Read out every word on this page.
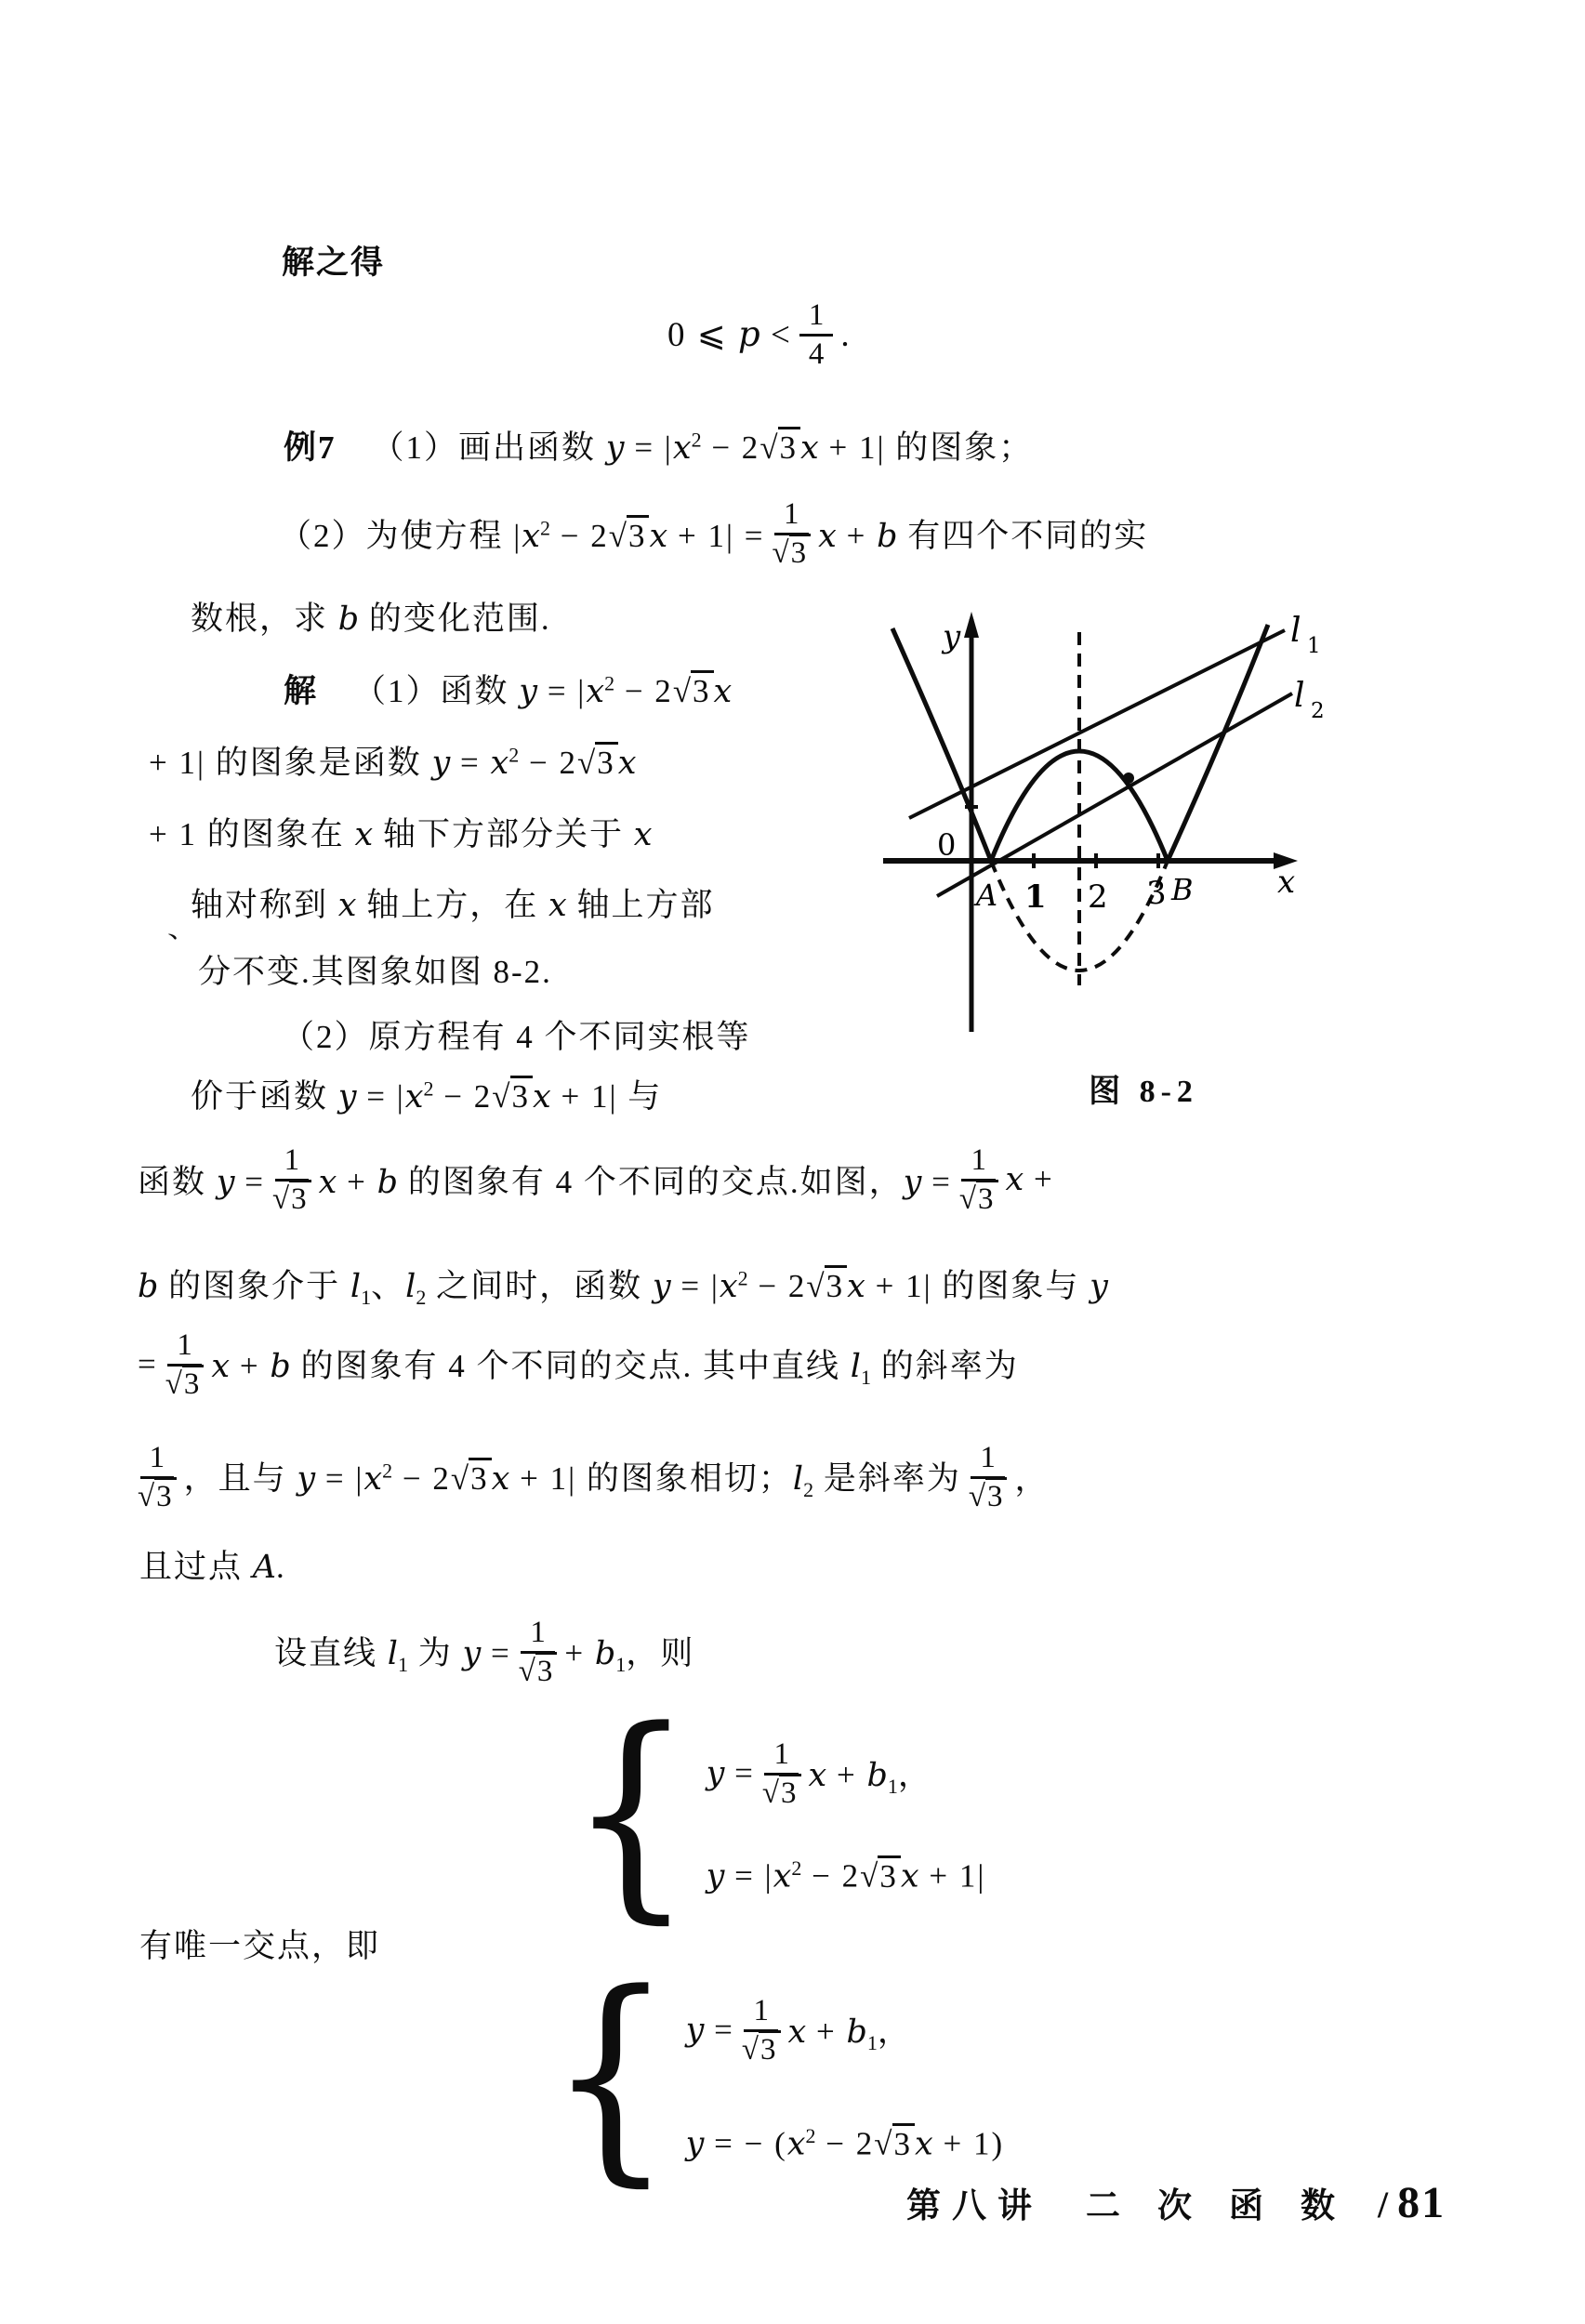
解之得
0 ⩽ $p < \frac{1}{4}$ .
例7 （1）画出函数 $y = |x^2 - 2√3$ x + 1| 的图象；
（2）为使方程 $|x^2 - 2√3$ $x + 1| = \frac{1}{√3}$ x + b 有四个不同的实
数根，求 b 的变化范围.
解 （1）函数 $y = |x^2 - 2√3$ x
+ 1| 的图象是函数 $y = x^2 - 2√3$ x
+ 1 的图象在 x 轴下方部分关于 x
轴对称到 x 轴上方，在 x 轴上方部
分不变.其图象如图 8-2.
（2）原方程有 4 个不同实根等
价于函数 $y = |x^2 - 2√3$ x + 1| 与
、
y
x
0
A	B
1 2 3
l 1
l 2
图 8-2
函数 $y = \frac{1}{√3}$ x + b 的图象有 4 个不同的交点.如图，$y = \frac{1}{√3}$ x +
b 的图象介于 $l_1$、$l_2$ 之间时，函数 $y = |x^2 - 2√3$ x + 1| 的图象与 y
= $\frac{1}{√3}$ x + b 的图象有 4 个不同的交点. 其中直线 $l_1$ 的斜率为
$\frac{1}{√3}$ ，且与 $y = |x^2 - 2√3$ x + 1| 的图象相切；$l_2$ 是斜率为 $\frac{1}{√3}$ ，
且过点 A.
设直线 $l_1$ 为 $y = \frac{1}{√3} + b_1$，则
{ $y = \frac{1}{√3}$ $x + b_1$，
$y = |x^2 - 2√3$ x + 1|
有唯一交点，即 { $y = \frac{1}{√3}$ $x + b_1$，
y = − ($x^2 - 2√3$ x + 1)
第八讲 二次函数 / 81
